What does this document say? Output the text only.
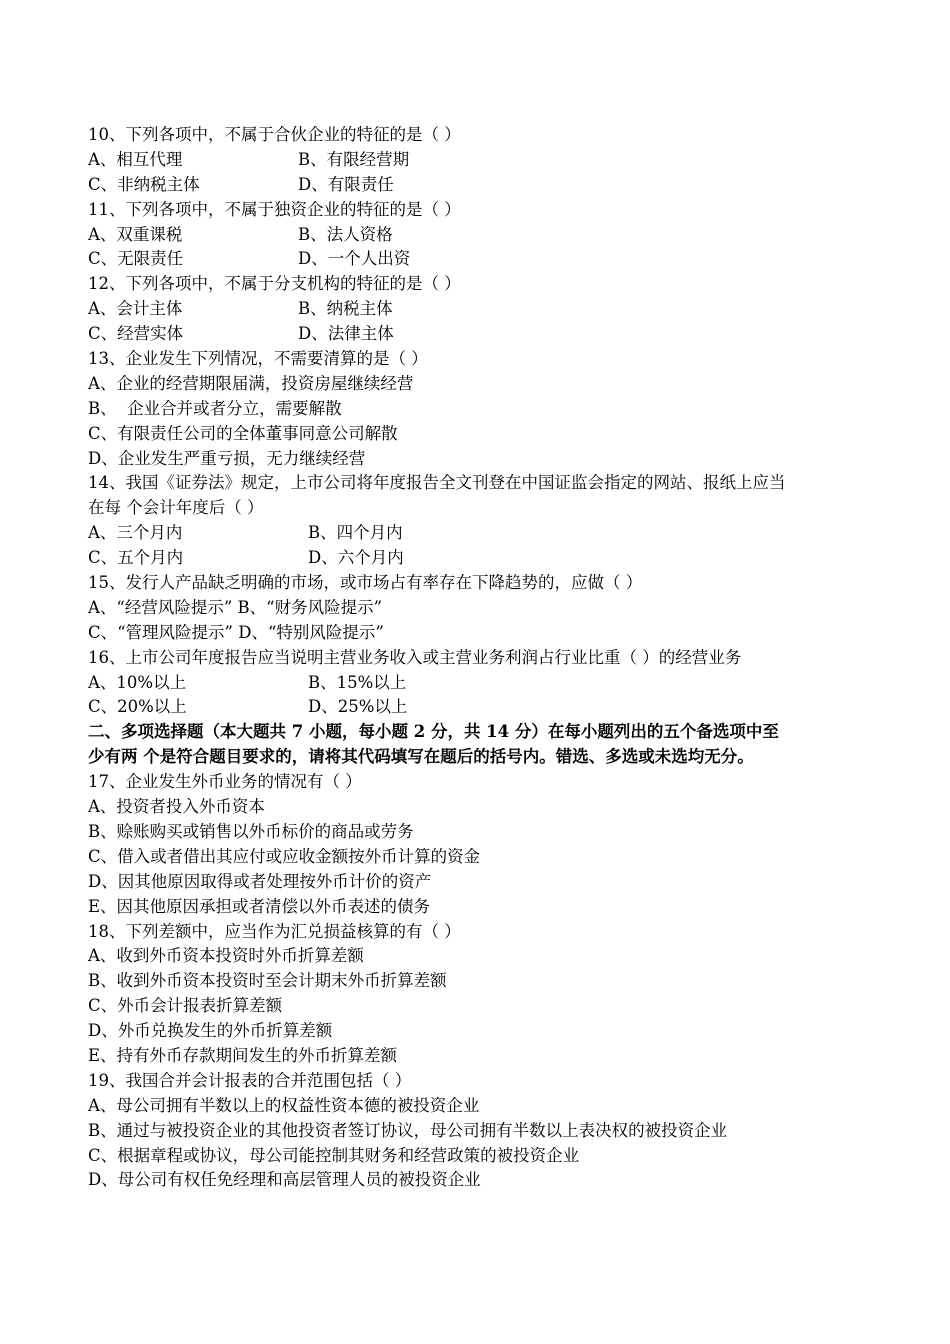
10、下列各项中，不属于合伙企业的特征的是（ ）
A、相互代理	B、有限经营期
C、非纳税主体	D、有限责任
11、下列各项中，不属于独资企业的特征的是（ ）
A、双重课税	B、法人资格
C、无限责任	D、一个人出资
12、下列各项中，不属于分支机构的特征的是（ ）
A、会计主体	B、纳税主体
C、经营实体	D、法律主体
13、企业发生下列情况，不需要清算的是（ ）
A、企业的经营期限届满，投资房屋继续经营
B、  企业合并或者分立，需要解散
C、有限责任公司的全体董事同意公司解散
D、企业发生严重亏损，无力继续经营
14、我国《证券法》规定，上市公司将年度报告全文刊登在中国证监会指定的网站、报纸上应当
在每 个会计年度后（ ）
A、三个月内	B、四个月内
C、五个月内	D、六个月内
15、发行人产品缺乏明确的市场，或市场占有率存在下降趋势的，应做（ ）
A、“经营风险提示” B、“财务风险提示”
C、“管理风险提示” D、“特别风险提示”
16、上市公司年度报告应当说明主营业务收入或主营业务利润占行业比重（ ）的经营业务
A、10%以上	B、15%以上
C、20%以上	D、25%以上
二、多项选择题（本大题共 7 小题，每小题 2 分，共 14 分）在每小题列出的五个备选项中至
少有两 个是符合题目要求的，请将其代码填写在题后的括号内。错选、多选或未选均无分。
17、企业发生外币业务的情况有（ ）
A、投资者投入外币资本
B、赊账购买或销售以外币标价的商品或劳务
C、借入或者借出其应付或应收金额按外币计算的资金
D、因其他原因取得或者处理按外币计价的资产
E、因其他原因承担或者清偿以外币表述的债务
18、下列差额中，应当作为汇兑损益核算的有（ ）
A、收到外币资本投资时外币折算差额
B、收到外币资本投资时至会计期末外币折算差额
C、外币会计报表折算差额
D、外币兑换发生的外币折算差额
E、持有外币存款期间发生的外币折算差额
19、我国合并会计报表的合并范围包括（ ）
A、母公司拥有半数以上的权益性资本德的被投资企业
B、通过与被投资企业的其他投资者签订协议，母公司拥有半数以上表决权的被投资企业
C、根据章程或协议，母公司能控制其财务和经营政策的被投资企业
D、母公司有权任免经理和高层管理人员的被投资企业
